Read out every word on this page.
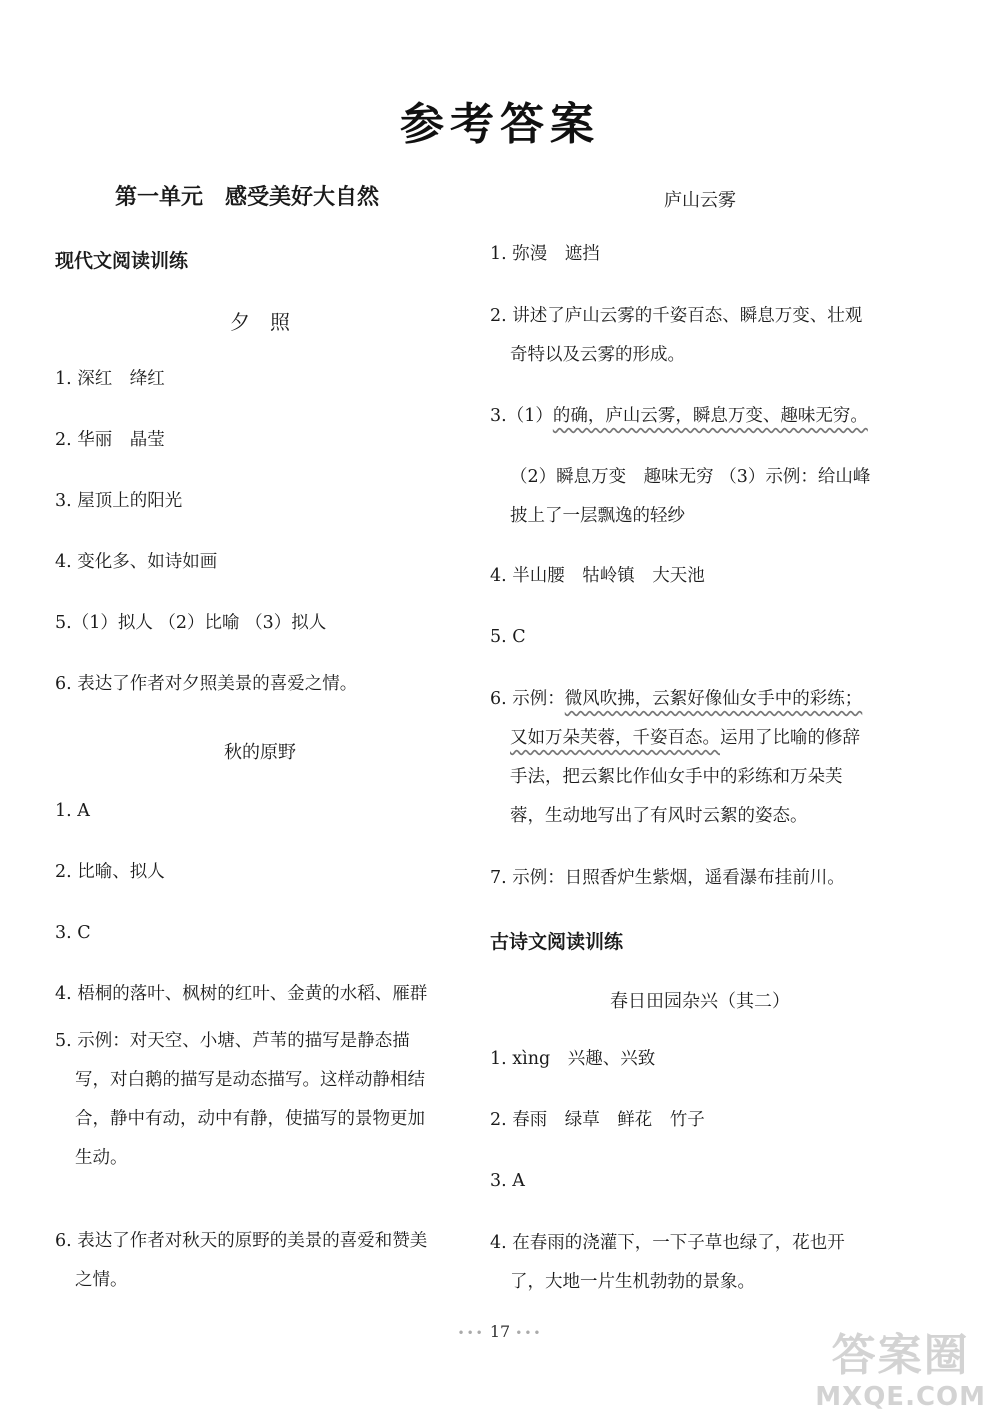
参考答案
第一单元 感受美好大自然
现代文阅读训练
夕　照
1. 深红　绛红
2. 华丽　晶莹
3. 屋顶上的阳光
4. 变化多、如诗如画
5.（1）拟人 （2）比喻 （3）拟人
6. 表达了作者对夕照美景的喜爱之情。
秋的原野
1. A
2. 比喻、拟人
3. C
4. 梧桐的落叶、枫树的红叶、金黄的水稻、雁群
5. 示例：对天空、小塘、芦苇的描写是静态描
写，对白鹅的描写是动态描写。这样动静相结
合，静中有动，动中有静，使描写的景物更加
生动。
6. 表达了作者对秋天的原野的美景的喜爱和赞美
之情。
庐山云雾
1. 弥漫　遮挡
2. 讲述了庐山云雾的千姿百态、瞬息万变、壮观
奇特以及云雾的形成。
3.（1）的确，庐山云雾，瞬息万变、趣味无穷。
（2）瞬息万变　趣味无穷 （3）示例：给山峰
披上了一层飘逸的轻纱
4. 半山腰　牯岭镇　大天池
5. C
6. 示例：微风吹拂，云絮好像仙女手中的彩练；
又如万朵芙蓉，千姿百态。运用了比喻的修辞
手法，把云絮比作仙女手中的彩练和万朵芙
蓉，生动地写出了有风时云絮的姿态。
7. 示例：日照香炉生紫烟，遥看瀑布挂前川。
古诗文阅读训练
春日田园杂兴（其二）
1. xìng　兴趣、兴致
2. 春雨　绿草　鲜花　竹子
3. A
4. 在春雨的浇灌下，一下子草也绿了，花也开
了，大地一片生机勃勃的景象。
••• 17 •••	答案圈
MXQE.COM
